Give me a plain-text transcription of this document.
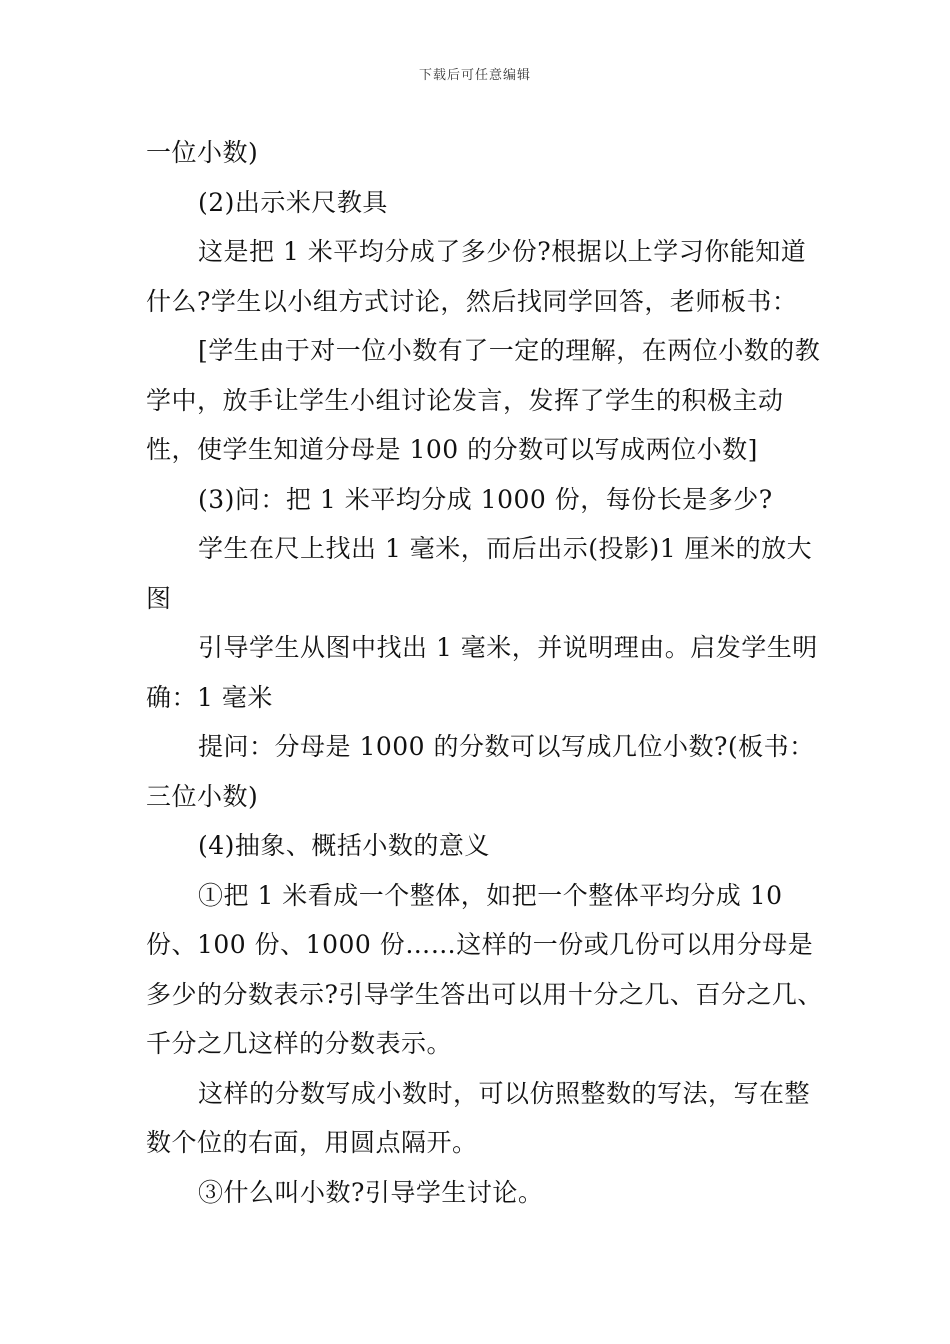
下载后可任意编辑

一位小数)

(2)出示米尺教具

这是把 1 米平均分成了多少份?根据以上学习你能知道什么?学生以小组方式讨论，然后找同学回答，老师板书：

[学生由于对一位小数有了一定的理解，在两位小数的教学中，放手让学生小组讨论发言，发挥了学生的积极主动性，使学生知道分母是 100 的分数可以写成两位小数]

(3)问：把 1 米平均分成 1000 份，每份长是多少?

学生在尺上找出 1 毫米，而后出示(投影)1 厘米的放大图

引导学生从图中找出 1 毫米，并说明理由。启发学生明确：1 毫米

提问：分母是 1000 的分数可以写成几位小数?(板书：三位小数)

(4)抽象、概括小数的意义

①把 1 米看成一个整体，如把一个整体平均分成 10 份、100 份、1000 份……这样的一份或几份可以用分母是多少的分数表示?引导学生答出可以用十分之几、百分之几、千分之几这样的分数表示。

这样的分数写成小数时，可以仿照整数的写法，写在整数个位的右面，用圆点隔开。

③什么叫小数?引导学生讨论。
